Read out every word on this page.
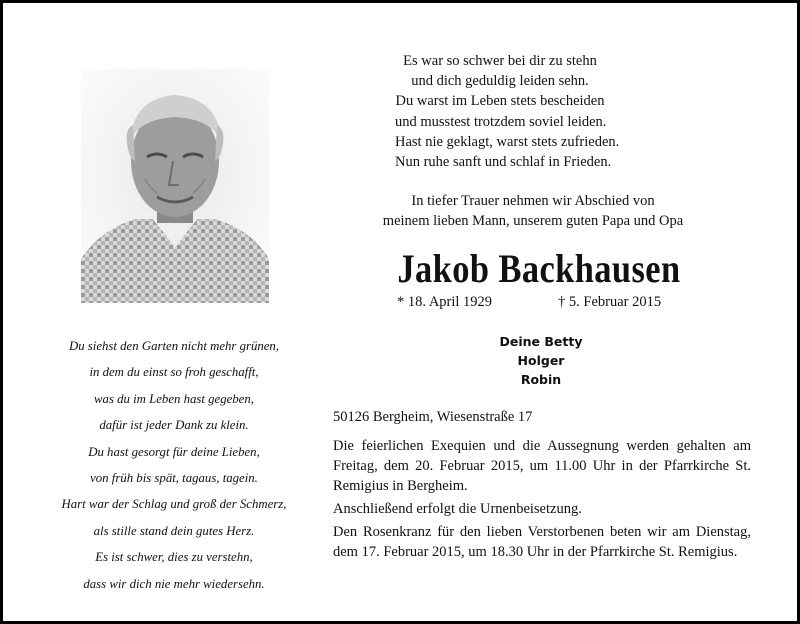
Es war so schwer bei dir zu stehn
und dich geduldig leiden sehn.
Du warst im Leben stets bescheiden
und musstest trotzdem soviel leiden.
Hast nie geklagt, warst stets zufrieden.
Nun ruhe sanft und schlaf in Frieden.
In tiefer Trauer nehmen wir Abschied von
meinem lieben Mann, unserem guten Papa und Opa
Jakob Backhausen
* 18. April 1929	† 5. Februar 2015
Deine Betty
Holger
Robin
Du siehst den Garten nicht mehr grünen,
in dem du einst so froh geschafft,
was du im Leben hast gegeben,
dafür ist jeder Dank zu klein.
Du hast gesorgt für deine Lieben,
von früh bis spät, tagaus, tagein.
Hart war der Schlag und groß der Schmerz,
als stille stand dein gutes Herz.
Es ist schwer, dies zu verstehn,
dass wir dich nie mehr wiedersehn.
50126 Bergheim, Wiesenstraße 17
Die feierlichen Exequien und die Aussegnung werden gehalten am Freitag, dem 20. Februar 2015, um 11.00 Uhr in der Pfarrkirche St. Remigius in Bergheim.
Anschließend erfolgt die Urnenbeisetzung.
Den Rosenkranz für den lieben Verstorbenen beten wir am Dienstag, dem 17. Februar 2015, um 18.30 Uhr in der Pfarrkirche St. Remigius.
